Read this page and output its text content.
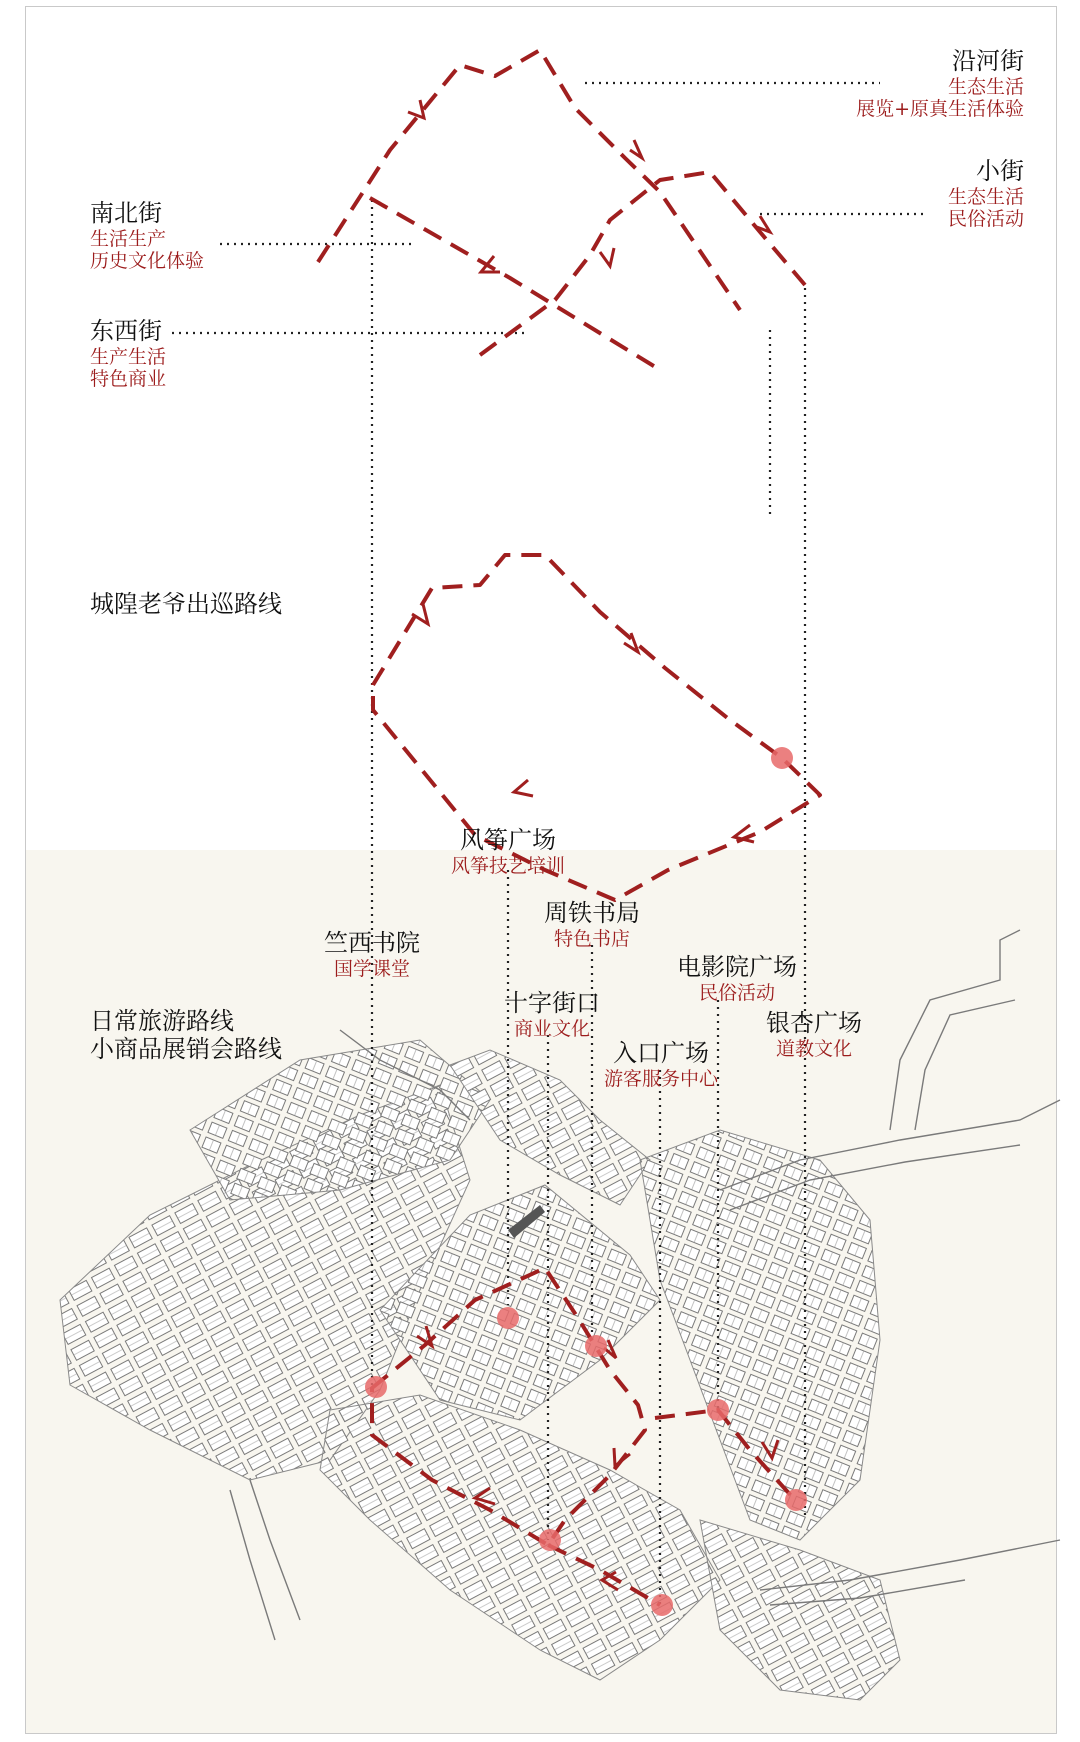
沿河街
生态生活
展览+原真生活体验
小街
生态生活
民俗活动
南北街
生活生产
历史文化体验
东西街
生产生活
特色商业
城隍老爷出巡路线
日常旅游路线
小商品展销会路线
风筝广场
风筝技艺培训
周铁书局
特色书店
竺西书院
国学课堂	电影院广场
民俗活动
十字街口
商业文化	银杏广场
道教文化
入口广场
游客服务中心
